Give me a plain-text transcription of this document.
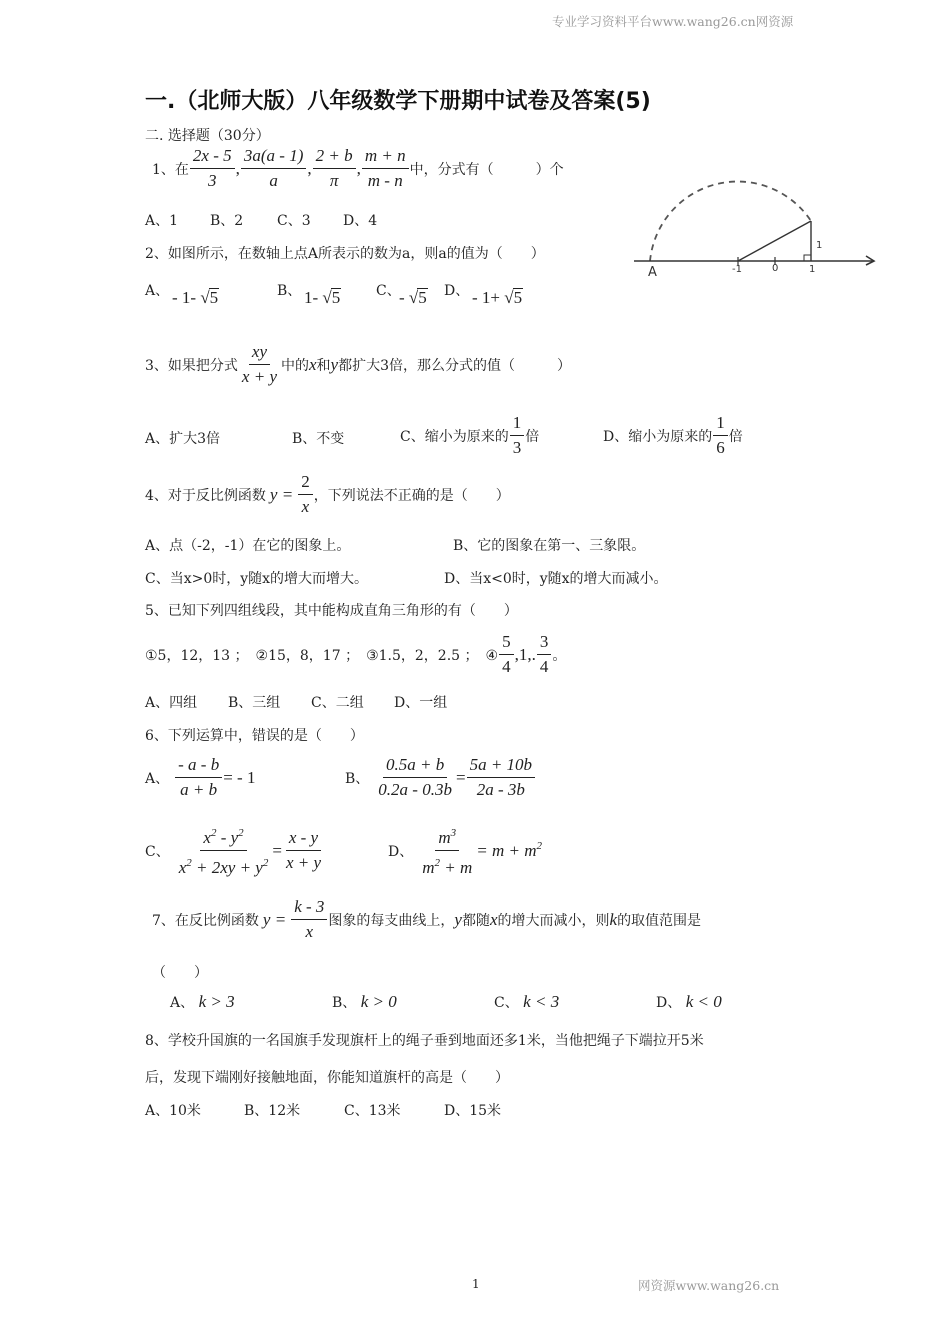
专业学习资料平台www.wang26.cn网资源
一.（北师大版）八年级数学下册期中试卷及答案(5)
二. 选择题（30分）
1、在 $\frac{2x - 5}{3}$ , $\frac{3a(a - 1)}{a}$ , $\frac{2 + b}{\pi}$ , $\frac{m + n}{m - n}$ 中，分式有（　　　）个
A、1 B、2 C、3 D、4
A	-1	0	1
1
2、如图所示，在数轴上点A所表示的数为a，则a的值为（　　）
A、 - 1- √5	B、 1- √5	C、
- √5 D、 - 1+ √5
3、如果把分式 $\frac{xy}{x + y}$ 中的 x 和 y 都扩大3倍，那么分式的值（　　　）
A、扩大3倍	B、不变	C、缩小为原来的 $\frac{1}{3}$ 倍	D、缩小为原来的 $\frac{1}{6}$ 倍
4、对于反比例函数 $y = \frac{2}{x}$ ，下列说法不正确的是（　　）
A、点（-2，-1）在它的图象上。	B、它的图象在第一、三象限。
C、当x>0时，y随x的增大而增大。	D、当x<0时，y随x的增大而减小。
5、已知下列四组线段，其中能构成直角三角形的有（　　）
①5，12，13 ；　②15，8，17 ；　③1.5，2，2.5 ；　④ $\frac{5}{4} ,1$,. $\frac{3}{4}$ 。
A、四组 B、三组 C、二组 D、一组
6、下列运算中，错误的是（　　）
A、 $\frac{- a - b}{a + b}$ = - 1	B、 $\frac{0.5a + b}{0.2a - 0.3b} = \frac{5a + 10b}{2a - 3b}$
C、 $\frac{x^2 - y^2}{x^2 + 2xy + y^2} = \frac{x - y}{x + y}$	D、 $\frac{m^3}{m^2 + m} = m + m^2$
7、在反比例函数 $y = \frac{k - 3}{x}$ 图象的每支曲线上， y 都随 x 的增大而减小，则 k 的取值范围是
（　　）
A、 k > 3	B、 k > 0	C、 k < 3	D、 k < 0
8、学校升国旗的一名国旗手发现旗杆上的绳子垂到地面还多1米，当他把绳子下端拉开5米
后，发现下端刚好接触地面，你能知道旗杆的高是（　　）
A、10米	B、12米	C、13米	D、15米
1	网资源www.wang26.cn
